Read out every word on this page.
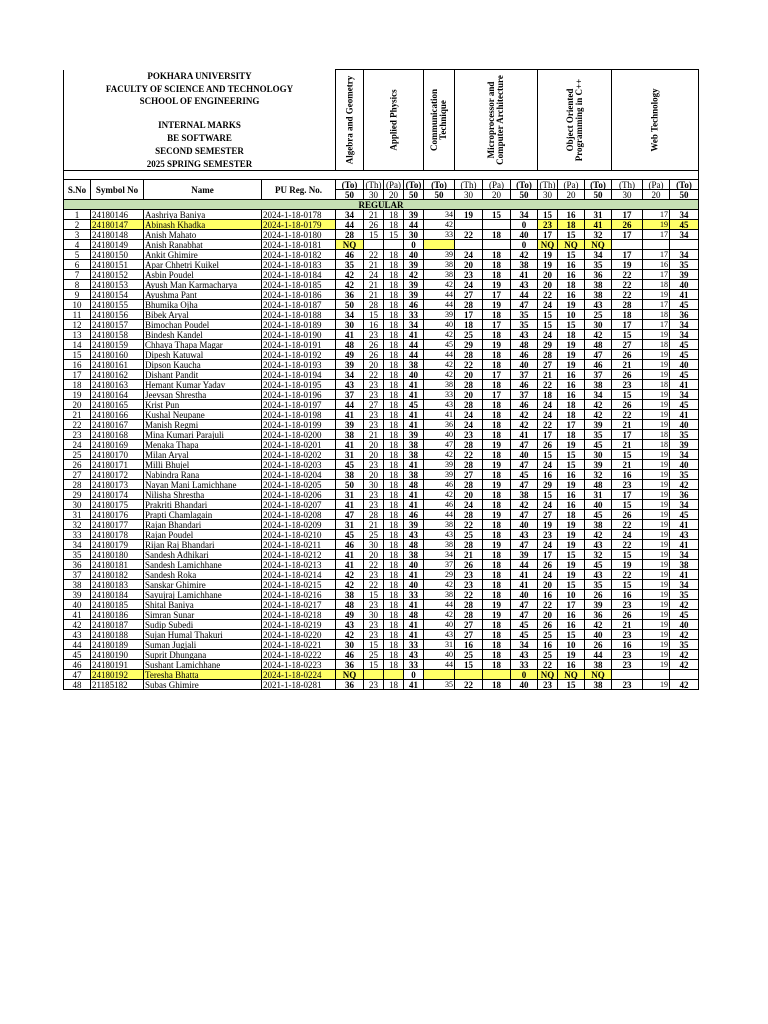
POKHARA UNIVERSITY				Algebra and Geometry	Applied Physics			Communication Technique	Microprocessor and Computer Architecture			Object Oriented Programming in C++			Web Technology		

FACULTY OF SCIENCE AND TECHNOLOGY																	
SCHOOL OF ENGINEERING																	

INTERNAL MARKS																	
BE SOFTWARE																	
SECOND SEMESTER																	
2025 SPRING SEMESTER																	

S.No	Symbol No	Name	PU Reg. No.	(To)	(Th)	(Pa)	(To)	(To)	(Th)	(Pa)	(To)	(Th)	(Pa)	(To)	(Th)	(Pa)	(To)
				50	30	20	50	50	30	20	50	30	20	50	30	20	50
REGULAR																	
1	24180146	Aashriya Baniya	2024-1-18-0178	34	21	18	39	34	19	15	34	15	16	31	17	17	34
2	24180147	Abinash Khadka	2024-1-18-0179	44	26	18	44	42			0	23	18	41	26	19	45
3	24180148	Anish Mahato	2024-1-18-0180	28	15	15	30	33	22	18	40	17	15	32	17	17	34
4	24180149	Anish Ranabhat	2024-1-18-0181	NQ			0				0	NQ	NQ	NQ			
5	24180150	Ankit Ghimire	2024-1-18-0182	46	22	18	40	39	24	18	42	19	15	34	17	17	34
6	24180151	Apar Chhetri Kuikel	2024-1-18-0183	35	21	18	39	38	20	18	38	19	16	35	19	16	35
7	24180152	Asbin Poudel	2024-1-18-0184	42	24	18	42	38	23	18	41	20	16	36	22	17	39
8	24180153	Ayush Man Karmacharya	2024-1-18-0185	42	21	18	39	42	24	19	43	20	18	38	22	18	40
9	24180154	Ayushma Pant	2024-1-18-0186	36	21	18	39	44	27	17	44	22	16	38	22	19	41
10	24180155	Bhumika Ojha	2024-1-18-0187	50	28	18	46	44	28	19	47	24	19	43	28	17	45
11	24180156	Bibek Aryal	2024-1-18-0188	34	15	18	33	39	17	18	35	15	10	25	18	18	36
12	24180157	Bimochan Poudel	2024-1-18-0189	30	16	18	34	40	18	17	35	15	15	30	17	17	34
13	24180158	Bindesh Kandel	2024-1-18-0190	41	23	18	41	42	25	18	43	24	18	42	15	19	34
14	24180159	Chhaya Thapa Magar	2024-1-18-0191	48	26	18	44	45	29	19	48	29	19	48	27	18	45
15	24180160	Dipesh Katuwal	2024-1-18-0192	49	26	18	44	44	28	18	46	28	19	47	26	19	45
16	24180161	Dipson Kaucha	2024-1-18-0193	39	20	18	38	42	22	18	40	27	19	46	21	19	40
17	24180162	Dishant Pandit	2024-1-18-0194	34	22	18	40	42	20	17	37	21	16	37	26	19	45
18	24180163	Hemant Kumar Yadav	2024-1-18-0195	43	23	18	41	38	28	18	46	22	16	38	23	18	41
19	24180164	Jeevsan Shrestha	2024-1-18-0196	37	23	18	41	33	20	17	37	18	16	34	15	19	34
20	24180165	Krist Pun	2024-1-18-0197	44	27	18	45	43	28	18	46	24	18	42	26	19	45
21	24180166	Kushal Neupane	2024-1-18-0198	41	23	18	41	41	24	18	42	24	18	42	22	19	41
22	24180167	Manish Regmi	2024-1-18-0199	39	23	18	41	36	24	18	42	22	17	39	21	19	40
23	24180168	Mina Kumari Parajuli	2024-1-18-0200	38	21	18	39	40	23	18	41	17	18	35	17	18	35
24	24180169	Menaka Thapa	2024-1-18-0201	41	20	18	38	47	28	19	47	26	19	45	21	18	39
25	24180170	Milan Aryal	2024-1-18-0202	31	20	18	38	42	22	18	40	15	15	30	15	19	34
26	24180171	Milli Bhujel	2024-1-18-0203	45	23	18	41	39	28	19	47	24	15	39	21	19	40
27	24180172	Nabindra Rana	2024-1-18-0204	38	20	18	38	39	27	18	45	16	16	32	16	19	35
28	24180173	Nayan Mani Lamichhane	2024-1-18-0205	50	30	18	48	46	28	19	47	29	19	48	23	19	42
29	24180174	Nilisha Shrestha	2024-1-18-0206	31	23	18	41	42	20	18	38	15	16	31	17	19	36
30	24180175	Prakriti Bhandari	2024-1-18-0207	41	23	18	41	46	24	18	42	24	16	40	15	19	34
31	24180176	Prapti Chamlagain	2024-1-18-0208	47	28	18	46	44	28	19	47	27	18	45	26	19	45
32	24180177	Rajan Bhandari	2024-1-18-0209	31	21	18	39	38	22	18	40	19	19	38	22	19	41
33	24180178	Rajan Poudel	2024-1-18-0210	45	25	18	43	43	25	18	43	23	19	42	24	19	43
34	24180179	Rijan Raj Bhandari	2024-1-18-0211	46	30	18	48	38	28	19	47	24	19	43	22	19	41
35	24180180	Sandesh Adhikari	2024-1-18-0212	41	20	18	38	34	21	18	39	17	15	32	15	19	34
36	24180181	Sandesh Lamichhane	2024-1-18-0213	41	22	18	40	37	26	18	44	26	19	45	19	19	38
37	24180182	Sandesh Roka	2024-1-18-0214	42	23	18	41	29	23	18	41	24	19	43	22	19	41
38	24180183	Sanskar Ghimire	2024-1-18-0215	42	22	18	40	42	23	18	41	20	15	35	15	19	34
39	24180184	Sayujraj Lamichhane	2024-1-18-0216	38	15	18	33	38	22	18	40	16	10	26	16	19	35
40	24180185	Shital Baniya	2024-1-18-0217	48	23	18	41	44	28	19	47	22	17	39	23	19	42
41	24180186	Simran Sunar	2024-1-18-0218	49	30	18	48	42	28	19	47	20	16	36	26	19	45
42	24180187	Sudip Subedi	2024-1-18-0219	43	23	18	41	40	27	18	45	26	16	42	21	19	40
43	24180188	Sujan Humal Thakuri	2024-1-18-0220	42	23	18	41	43	27	18	45	25	15	40	23	19	42
44	24180189	Suman Jugjali	2024-1-18-0221	30	15	18	33	31	16	18	34	16	10	26	16	19	35
45	24180190	Suprit Dhungana	2024-1-18-0222	46	25	18	43	40	25	18	43	25	19	44	23	19	42
46	24180191	Sushant Lamichhane	2024-1-18-0223	36	15	18	33	44	15	18	33	22	16	38	23	19	42
47	24180192	Teresha Bhatta	2024-1-18-0224	NQ			0				0	NQ	NQ	NQ			
48	21185182	Subas Ghimire	2021-1-18-0281	36	23	18	41	35	22	18	40	23	15	38	23	19	42
